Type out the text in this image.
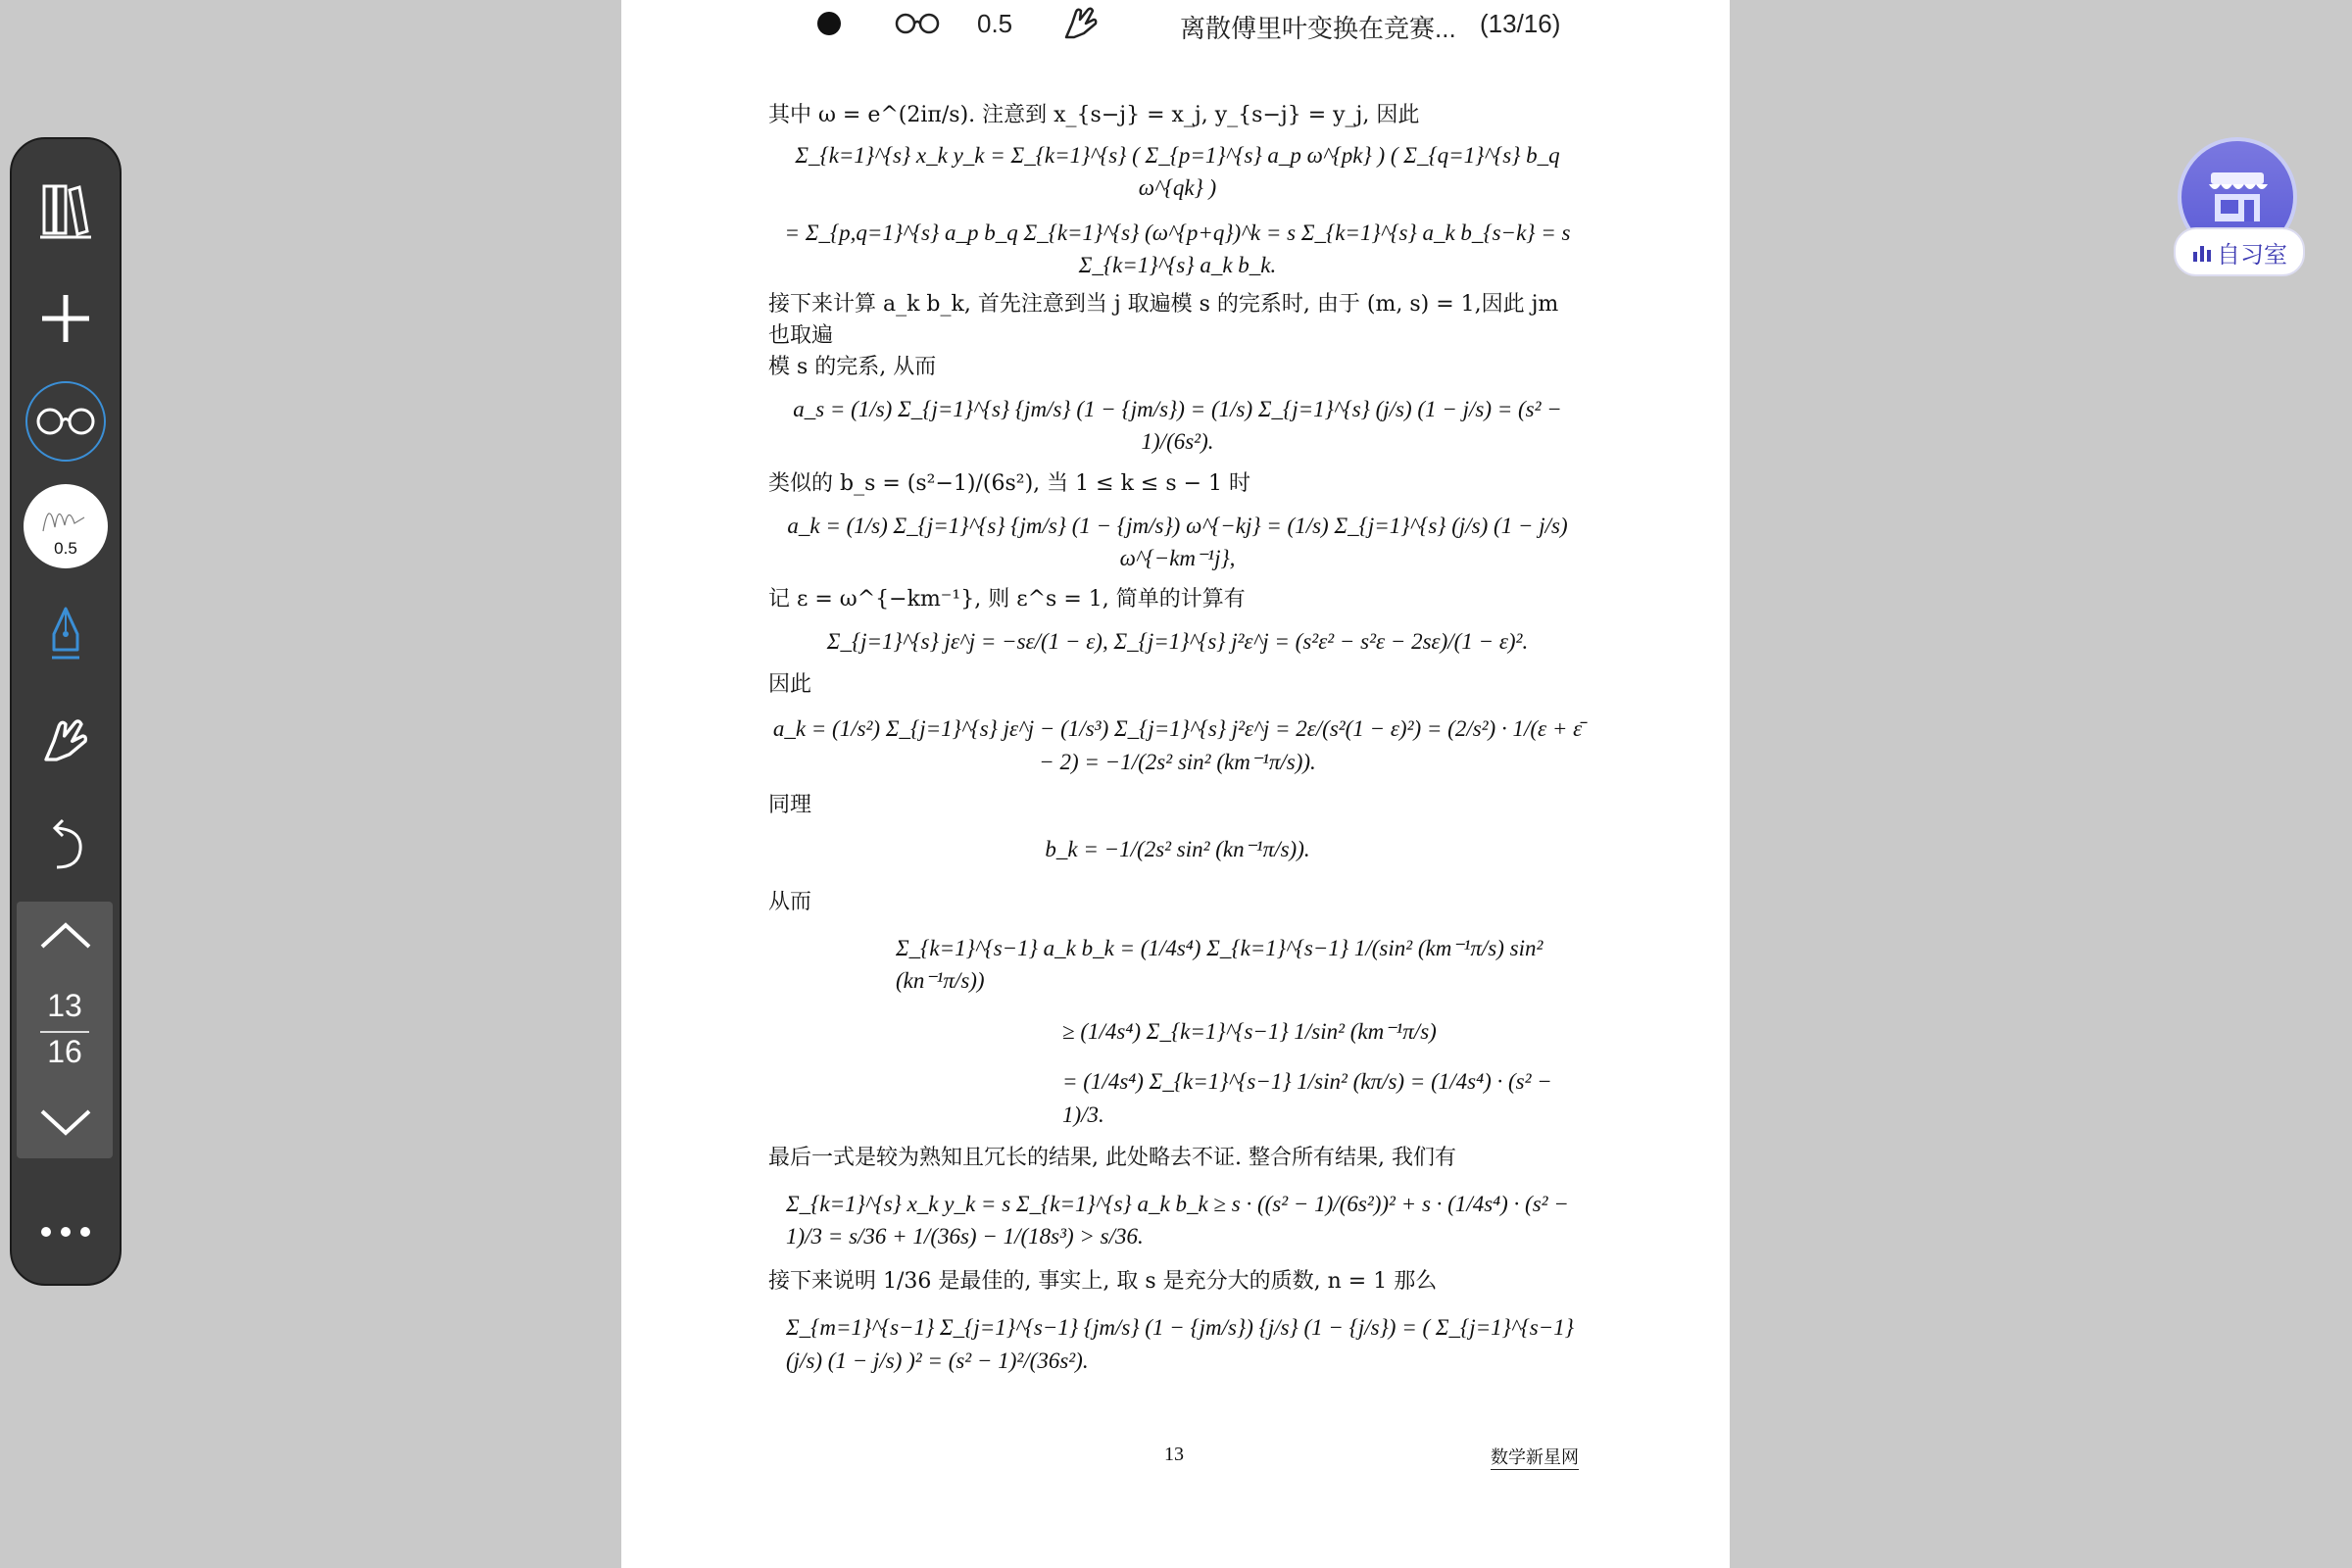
0.5	离散傅里叶变换在竞赛... (13/16)

其中 ω = e^(2iπ/s). 注意到 x_{s−j} = x_j, y_{s−j} = y_j, 因此

Σ_{k=1}^{s} x_k y_k = Σ_{k=1}^{s} ( Σ_{p=1}^{s} a_p ω^{pk} ) ( Σ_{q=1}^{s} b_q ω^{qk} )

= Σ_{p,q=1}^{s} a_p b_q Σ_{k=1}^{s} (ω^{p+q})^k = s Σ_{k=1}^{s} a_k b_{s−k} = s Σ_{k=1}^{s} a_k b_k.

接下来计算 a_k b_k, 首先注意到当 j 取遍模 s 的完系时, 由于 (m, s) = 1,因此 jm 也取遍

模 s 的完系, 从而

a_s = (1/s) Σ_{j=1}^{s} {jm/s} (1 − {jm/s}) = (1/s) Σ_{j=1}^{s} (j/s) (1 − j/s) = (s² − 1)/(6s²).

类似的 b_s = (s²−1)/(6s²), 当 1 ≤ k ≤ s − 1 时

a_k = (1/s) Σ_{j=1}^{s} {jm/s} (1 − {jm/s}) ω^{−kj} = (1/s) Σ_{j=1}^{s} (j/s) (1 − j/s) ω^{−km⁻¹j},

记 ε = ω^{−km⁻¹}, 则 ε^s = 1, 简单的计算有

Σ_{j=1}^{s} jε^j = −sε/(1 − ε), Σ_{j=1}^{s} j²ε^j = (s²ε² − s²ε − 2sε)/(1 − ε)².

因此

a_k = (1/s²) Σ_{j=1}^{s} jε^j − (1/s³) Σ_{j=1}^{s} j²ε^j = 2ε/(s²(1 − ε)²) = (2/s²) · 1/(ε + ε̄ − 2) = −1/(2s² sin² (km⁻¹π/s)).

同理

b_k = −1/(2s² sin² (kn⁻¹π/s)).

从而

Σ_{k=1}^{s−1} a_k b_k = (1/4s⁴) Σ_{k=1}^{s−1} 1/(sin² (km⁻¹π/s) sin² (kn⁻¹π/s))

≥ (1/4s⁴) Σ_{k=1}^{s−1} 1/sin² (km⁻¹π/s)

= (1/4s⁴) Σ_{k=1}^{s−1} 1/sin² (kπ/s) = (1/4s⁴) · (s² − 1)/3.

最后一式是较为熟知且冗长的结果, 此处略去不证. 整合所有结果, 我们有

Σ_{k=1}^{s} x_k y_k = s Σ_{k=1}^{s} a_k b_k ≥ s · ((s² − 1)/(6s²))² + s · (1/4s⁴) · (s² − 1)/3 = s/36 + 1/(36s) − 1/(18s³) > s/36.

接下来说明 1/36 是最佳的, 事实上, 取 s 是充分大的质数, n = 1 那么

Σ_{m=1}^{s−1} Σ_{j=1}^{s−1} {jm/s} (1 − {jm/s}) {j/s} (1 − {j/s}) = ( Σ_{j=1}^{s−1} (j/s) (1 − j/s) )² = (s² − 1)²/(36s²).

13	数学新星网
0.5
13
16
自习室
